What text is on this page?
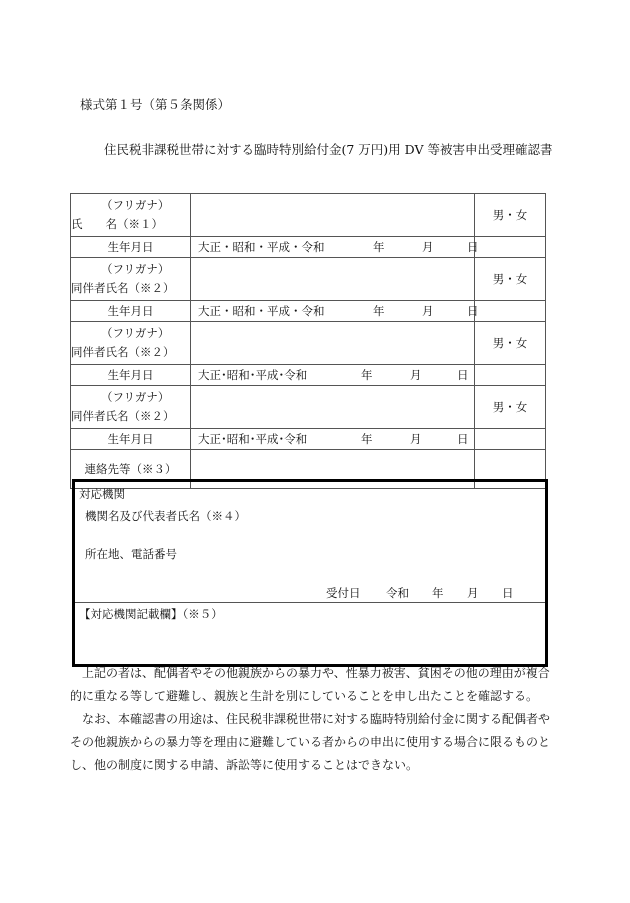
様式第１号（第５条関係）
住民税非課税世帯に対する臨時特別給付金(7 万円)用 DV 等被害申出受理確認書
（フリガナ）
氏　　名（※１）		男・女
生年月日	大正・昭和・平成・令和 年 月 日	

（フリガナ）
同伴者氏名（※２）		男・女
生年月日	大正・昭和・平成・令和 年 月 日	

（フリガナ）
同伴者氏名（※２）		男・女
生年月日	大正･昭和･平成･令和 年 月 日	

（フリガナ）
同伴者氏名（※２）		男・女
生年月日	大正･昭和･平成･令和 年 月 日	

連絡先等（※３）		
対応機関
機関名及び代表者氏名（※４）
所在地、電話番号
受付日 令和 年 月 日
【対応機関記載欄】（※５）
　上記の者は、配偶者やその他親族からの暴力や、性暴力被害、貧困その他の理由が複合
的に重なる等して避難し、親族と生計を別にしていることを申し出たことを確認する。
　なお、本確認書の用途は、住民税非課税世帯に対する臨時特別給付金に関する配偶者や
その他親族からの暴力等を理由に避難している者からの申出に使用する場合に限るものと
し、他の制度に関する申請、訴訟等に使用することはできない。
